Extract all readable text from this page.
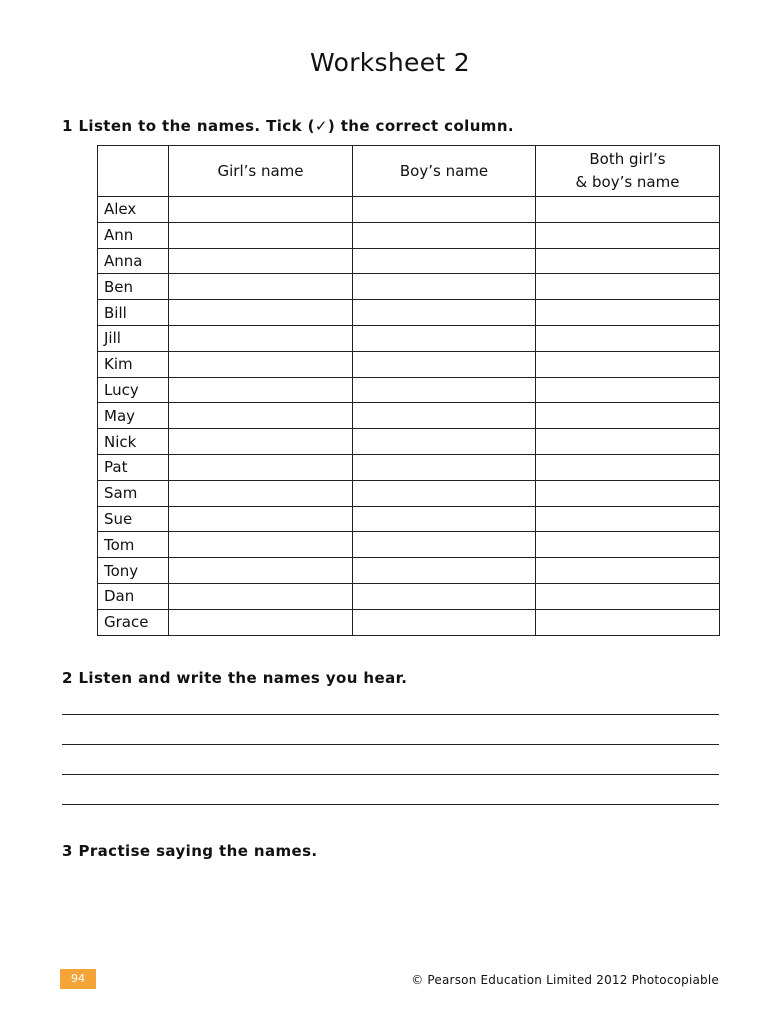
Worksheet 2
1 Listen to the names. Tick (✓) the correct column.
	Girl’s name	Boy’s name	Both girl’s
& boy’s name
Alex			
Ann			
Anna			
Ben			
Bill			
Jill			
Kim			
Lucy			
May			
Nick			
Pat			
Sam			
Sue			
Tom			
Tony			
Dan			
Grace			
2 Listen and write the names you hear.
3 Practise saying the names.
94	© Pearson Education Limited 2012 Photocopiable
